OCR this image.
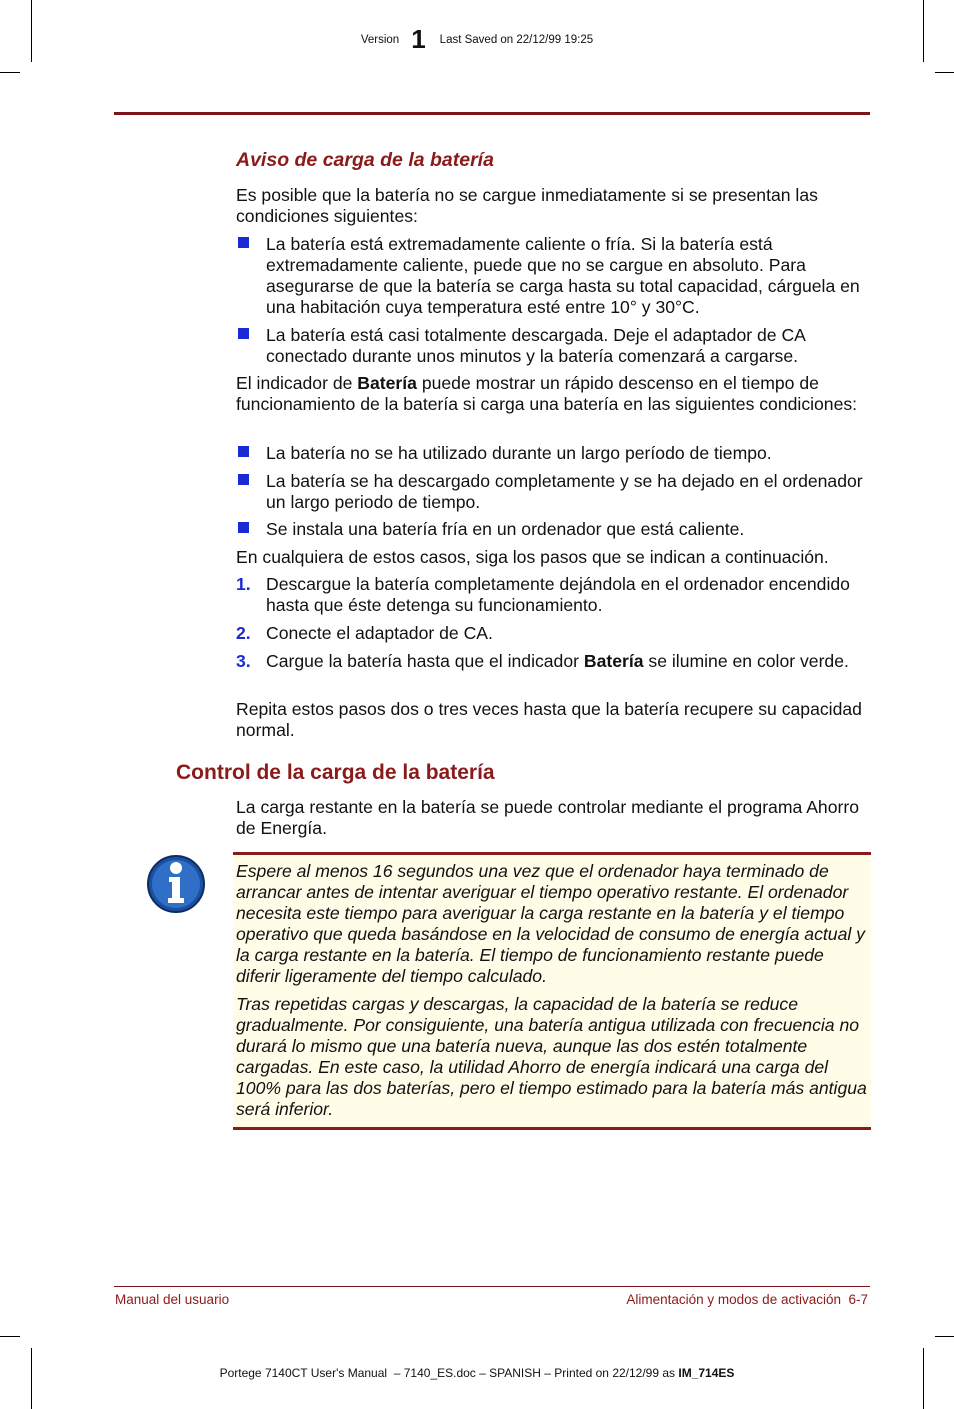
Version 1 Last Saved on 22/12/99 19:25
Aviso de carga de la batería
Es posible que la batería no se cargue inmediatamente si se presentan las condiciones siguientes:
La batería está extremadamente caliente o fría. Si la batería está extremadamente caliente, puede que no se cargue en absoluto. Para asegurarse de que la batería se carga hasta su total capacidad, cárguela en una habitación cuya temperatura esté entre 10° y 30°C.
La batería está casi totalmente descargada. Deje el adaptador de CA conectado durante unos minutos y la batería comenzará a cargarse.
El indicador de Batería puede mostrar un rápido descenso en el tiempo de funcionamiento de la batería si carga una batería en las siguientes condiciones:
La batería no se ha utilizado durante un largo período de tiempo.
La batería se ha descargado completamente y se ha dejado en el ordenador un largo periodo de tiempo.
Se instala una batería fría en un ordenador que está caliente.
En cualquiera de estos casos, siga los pasos que se indican a continuación.
1. Descargue la batería completamente dejándola en el ordenador encendido hasta que éste detenga su funcionamiento.
2. Conecte el adaptador de CA.
3. Cargue la batería hasta que el indicador Batería se ilumine en color verde.
Repita estos pasos dos o tres veces hasta que la batería recupere su capacidad normal.
Control de la carga de la batería
La carga restante en la batería se puede controlar mediante el programa Ahorro de Energía.
Espere al menos 16 segundos una vez que el ordenador haya terminado de arrancar antes de intentar averiguar el tiempo operativo restante. El ordenador necesita este tiempo para averiguar la carga restante en la batería y el tiempo operativo que queda basándose en la velocidad de consumo de energía actual y la carga restante en la batería. El tiempo de funcionamiento restante puede diferir ligeramente del tiempo calculado.
Tras repetidas cargas y descargas, la capacidad de la batería se reduce gradualmente. Por consiguiente, una batería antigua utilizada con frecuencia no durará lo mismo que una batería nueva, aunque las dos estén totalmente cargadas. En este caso, la utilidad Ahorro de energía indicará una carga del 100% para las dos baterías, pero el tiempo estimado para la batería más antigua será inferior.
Manual del usuario	Alimentación y modos de activación  6-7
Portege 7140CT User's Manual  – 7140_ES.doc – SPANISH – Printed on 22/12/99 as IM_714ES
